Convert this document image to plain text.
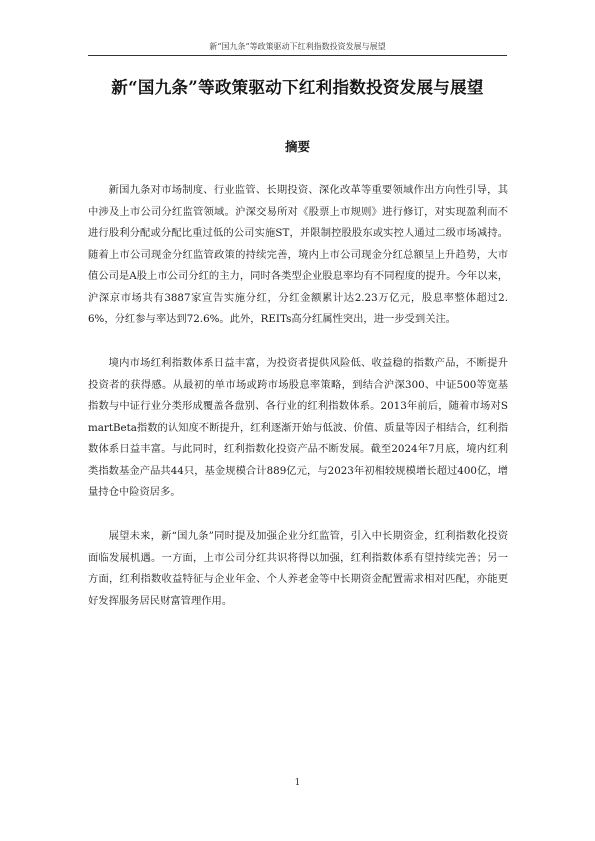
新“国九条”等政策驱动下红利指数投资发展与展望
新“国九条”等政策驱动下红利指数投资发展与展望
摘要

新国九条对市场制度、行业监管、长期投资、深化改革等重要领域作出方向性引导，其中涉及上市公司分红监管领域。沪深交易所对《股票上市规则》进行修订，对实现盈利而不进行股利分配或分配比重过低的公司实施ST，并限制控股股东或实控人通过二级市场减持。随着上市公司现金分红监管政策的持续完善，境内上市公司现金分红总额呈上升趋势，大市值公司是A股上市公司分红的主力，同时各类型企业股息率均有不同程度的提升。今年以来，沪深京市场共有3887家宣告实施分红，分红金额累计达2.23万亿元，股息率整体超过2.6%，分红参与率达到72.6%。此外，REITs高分红属性突出，进一步受到关注。

境内市场红利指数体系日益丰富，为投资者提供风险低、收益稳的指数产品，不断提升投资者的获得感。从最初的单市场或跨市场股息率策略，到结合沪深300、中证500等宽基指数与中证行业分类形成覆盖各盘别、各行业的红利指数体系。2013年前后，随着市场对SmartBeta指数的认知度不断提升，红利逐渐开始与低波、价值、质量等因子相结合，红利指数体系日益丰富。与此同时，红利指数化投资产品不断发展。截至2024年7月底，境内红利类指数基金产品共44只，基金规模合计889亿元，与2023年初相较规模增长超过400亿，增量持仓中险资居多。

展望未来，新“国九条”同时提及加强企业分红监管，引入中长期资金，红利指数化投资面临发展机遇。一方面，上市公司分红共识将得以加强，红利指数体系有望持续完善；另一方面，红利指数收益特征与企业年金、个人养老金等中长期资金配置需求相对匹配，亦能更好发挥服务居民财富管理作用。

1
